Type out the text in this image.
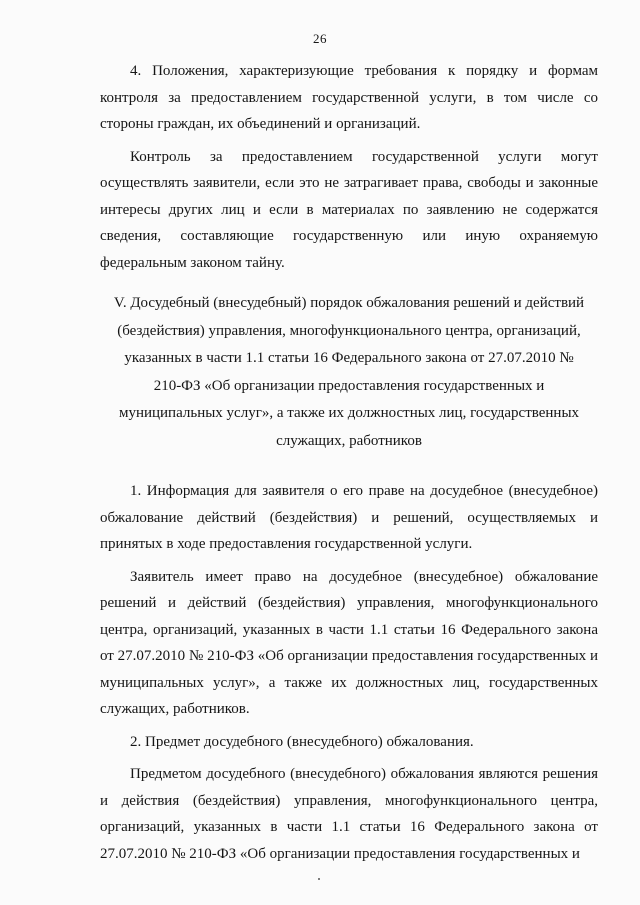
26

4. Положения, характеризующие требования к порядку и формам контроля за предоставлением государственной услуги, в том числе со стороны граждан, их объединений и организаций.

Контроль за предоставлением государственной услуги могут осуществлять заявители, если это не затрагивает права, свободы и законные интересы других лиц и если в материалах по заявлению не содержатся сведения, составляющие государственную или иную охраняемую федеральным законом тайну.

V. Досудебный (внесудебный) порядок обжалования решений и действий (бездействия) управления, многофункционального центра, организаций, указанных в части 1.1 статьи 16 Федерального закона от 27.07.2010 № 210-ФЗ «Об организации предоставления государственных и муниципальных услуг», а также их должностных лиц, государственных служащих, работников

1. Информация для заявителя о его праве на досудебное (внесудебное) обжалование действий (бездействия) и решений, осуществляемых и принятых в ходе предоставления государственной услуги.

Заявитель имеет право на досудебное (внесудебное) обжалование решений и действий (бездействия) управления, многофункционального центра, организаций, указанных в части 1.1 статьи 16 Федерального закона от 27.07.2010 № 210-ФЗ «Об организации предоставления государственных и муниципальных услуг», а также их должностных лиц, государственных служащих, работников.

2. Предмет досудебного (внесудебного) обжалования.

Предметом досудебного (внесудебного) обжалования являются решения и действия (бездействия) управления, многофункционального центра, организаций, указанных в части 1.1 статьи 16 Федерального закона от 27.07.2010 № 210-ФЗ «Об организации предоставления государственных и
